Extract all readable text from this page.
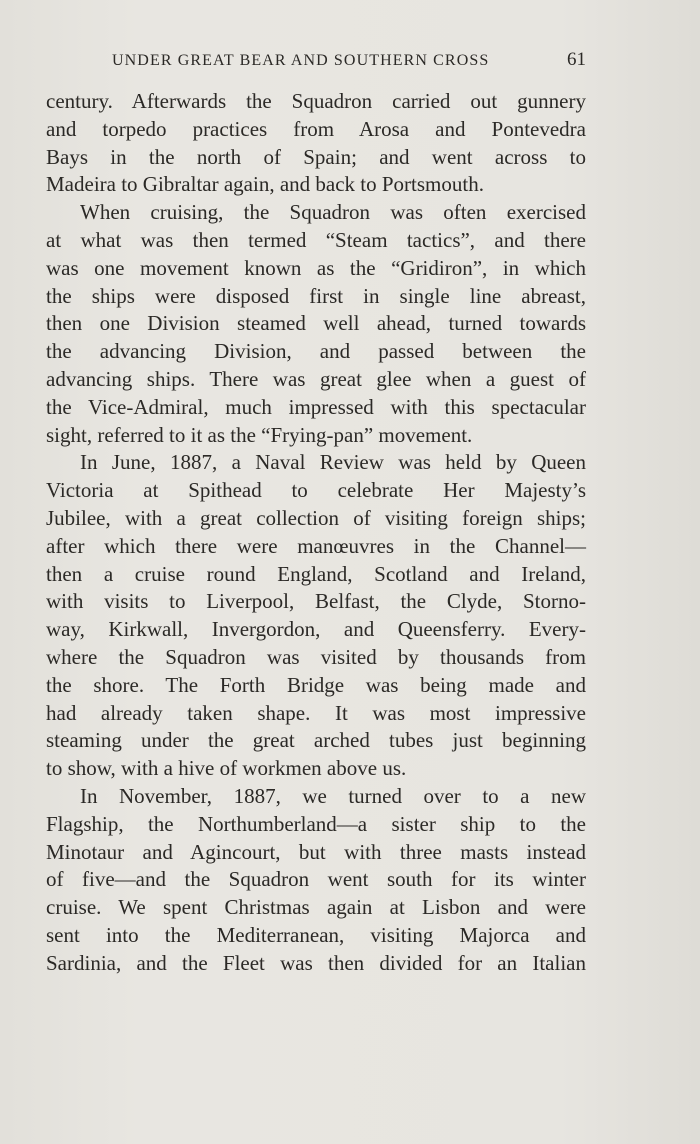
UNDER GREAT BEAR AND SOUTHERN CROSS	61

century. Afterwards the Squadron carried out gunnery

and torpedo practices from Arosa and Pontevedra

Bays in the north of Spain; and went across to

Madeira to Gibraltar again, and back to Portsmouth.

When cruising, the Squadron was often exercised

at what was then termed “Steam tactics”, and there

was one movement known as the “Gridiron”, in which

the ships were disposed first in single line abreast,

then one Division steamed well ahead, turned towards

the advancing Division, and passed between the

advancing ships. There was great glee when a guest of

the Vice-Admiral, much impressed with this spectacular

sight, referred to it as the “Frying-pan” movement.

In June, 1887, a Naval Review was held by Queen

Victoria at Spithead to celebrate Her Majesty’s

Jubilee, with a great collection of visiting foreign ships;

after which there were manœuvres in the Channel—

then a cruise round England, Scotland and Ireland,

with visits to Liverpool, Belfast, the Clyde, Storno-

way, Kirkwall, Invergordon, and Queensferry. Every-

where the Squadron was visited by thousands from

the shore. The Forth Bridge was being made and

had already taken shape. It was most impressive

steaming under the great arched tubes just beginning

to show, with a hive of workmen above us.

In November, 1887, we turned over to a new

Flagship, the Northumberland—a sister ship to the

Minotaur and Agincourt, but with three masts instead

of five—and the Squadron went south for its winter

cruise. We spent Christmas again at Lisbon and were

sent into the Mediterranean, visiting Majorca and

Sardinia, and the Fleet was then divided for an Italian
